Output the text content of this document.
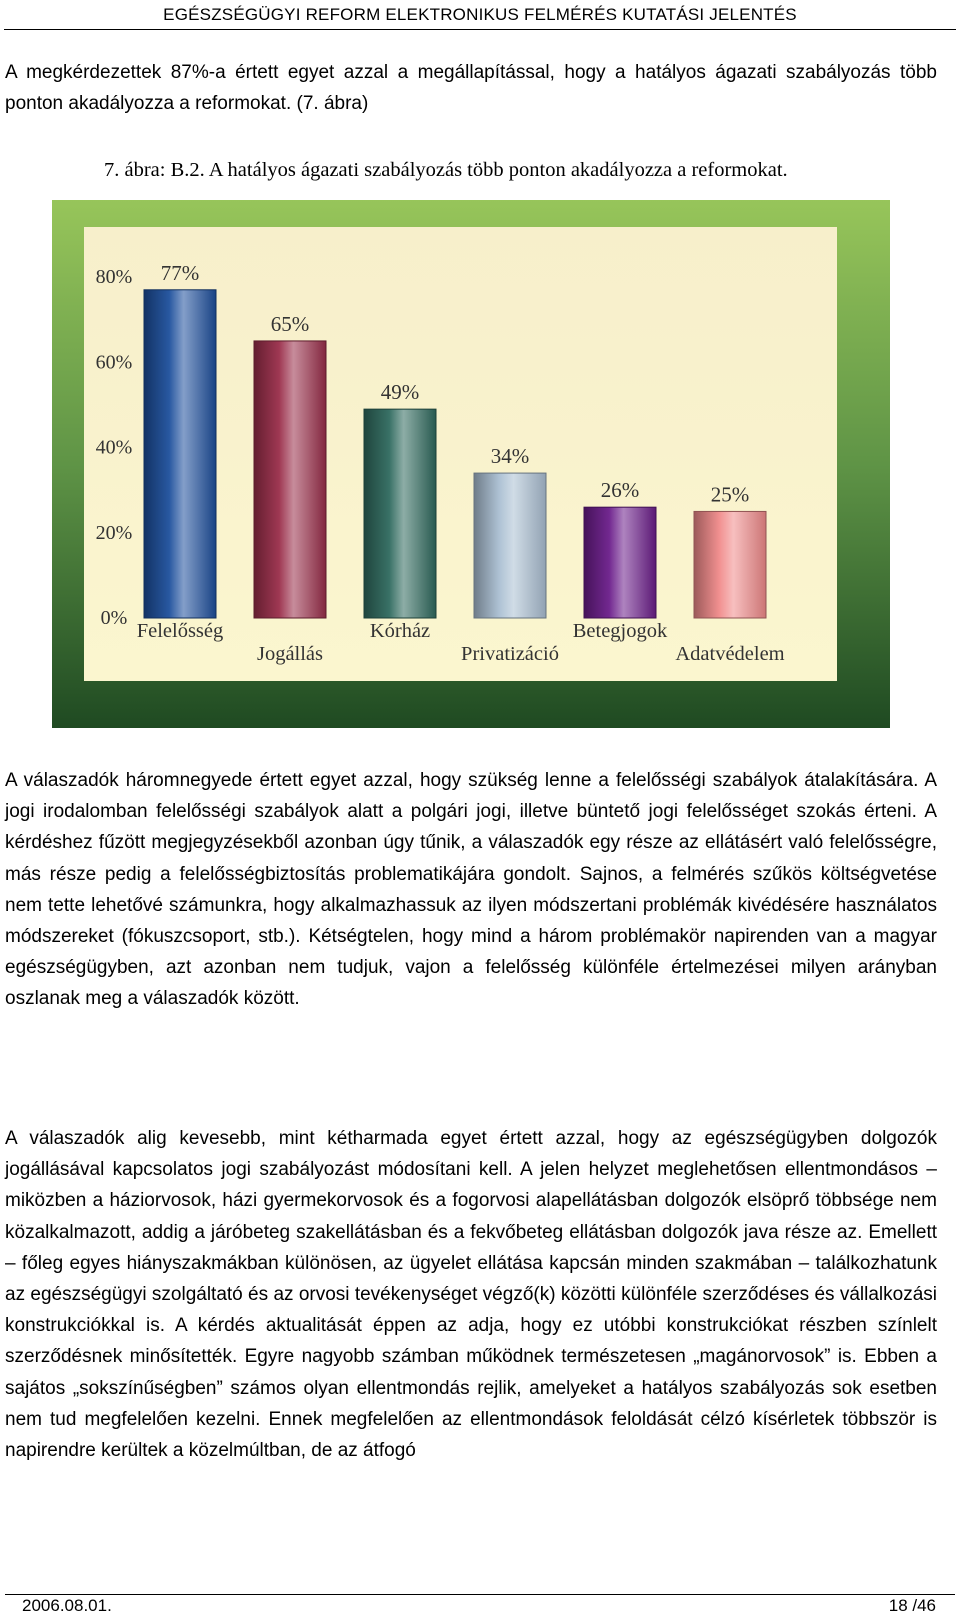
EGÉSZSÉGÜGYI REFORM ELEKTRONIKUS FELMÉRÉS KUTATÁSI JELENTÉS

A megkérdezettek 87%-a értett egyet azzal a megállapítással, hogy a hatályos ágazati szabályozás több ponton akadályozza a reformokat. (7. ábra)

7. ábra: B.2. A hatályos ágazati szabályozás több ponton akadályozza a reformokat.
0%
20%
40%
60%
80% 77%
Felelősség
65%
Jogállás
49%
Kórház
34%
Privatizáció
26%
Betegjogok
25%
Adatvédelem

A válaszadók háromnegyede értett egyet azzal, hogy szükség lenne a felelősségi szabályok átalakítására. A jogi irodalomban felelősségi szabályok alatt a polgári jogi, illetve büntető jogi felelősséget szokás érteni. A kérdéshez fűzött megjegyzésekből azonban úgy tűnik, a válaszadók egy része az ellátásért való felelősségre, más része pedig a felelősségbiztosítás problematikájára gondolt. Sajnos, a felmérés szűkös költségvetése nem tette lehetővé számunkra, hogy alkalmazhassuk az ilyen módszertani problémák kivédésére használatos módszereket (fókuszcsoport, stb.). Kétségtelen, hogy mind a három problémakör napirenden van a magyar egészségügyben, azt azonban nem tudjuk, vajon a felelősség különféle értelmezései milyen arányban oszlanak meg a válaszadók között.

A válaszadók alig kevesebb, mint kétharmada egyet értett azzal, hogy az egészségügyben dolgozók jogállásával kapcsolatos jogi szabályozást módosítani kell. A jelen helyzet meglehetősen ellentmondásos – miközben a háziorvosok, házi gyermekorvosok és a fogorvosi alapellátásban dolgozók elsöprő többsége nem közalkalmazott, addig a járóbeteg szakellátásban és a fekvőbeteg ellátásban dolgozók java része az. Emellett – főleg egyes hiányszakmákban különösen, az ügyelet ellátása kapcsán minden szakmában – találkozhatunk az egészségügyi szolgáltató és az orvosi tevékenységet végző(k) közötti különféle szerződéses és vállalkozási konstrukciókkal is. A kérdés aktualitását éppen az adja, hogy ez utóbbi konstrukciókat részben színlelt szerződésnek minősítették. Egyre nagyobb számban működnek természetesen „magánorvosok” is. Ebben a sajátos „sokszínűségben” számos olyan ellentmondás rejlik, amelyeket a hatályos szabályozás sok esetben nem tud megfelelően kezelni. Ennek megfelelően az ellentmondások feloldását célzó kísérletek többször is napirendre kerültek a közelmúltban, de az átfogó

2006.08.01.	18 /46
